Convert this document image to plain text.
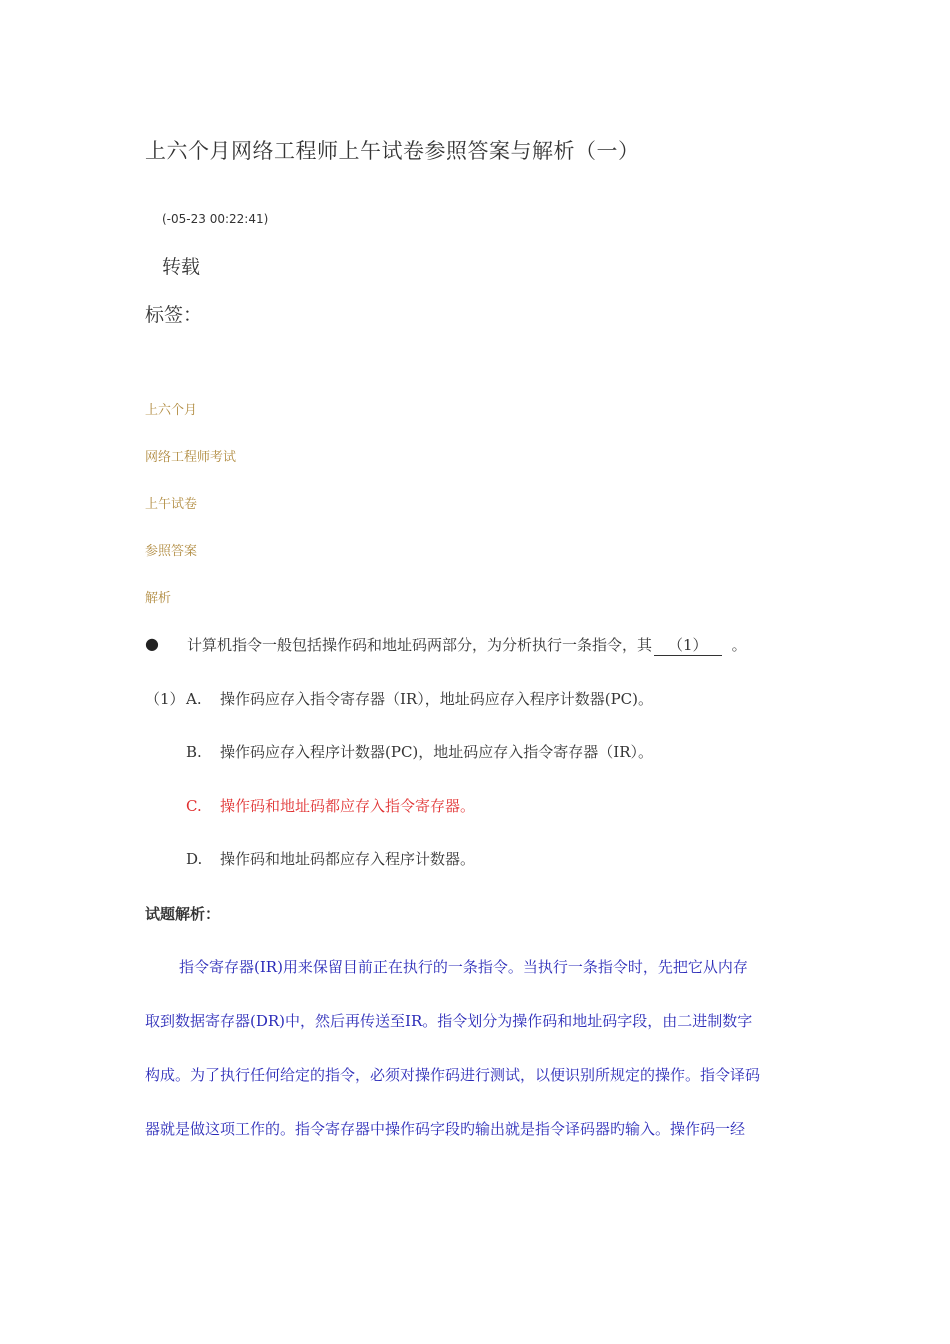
上六个月网络工程师上午试卷参照答案与解析（一）
(-05-23 00:22:41)
转载
标签：
上六个月
网络工程师考试
上午试卷
参照答案
解析
● 计算机指令一般包括操作码和地址码两部分，为分析执行一条指令，其 （1） 。
（1）A. 操作码应存入指令寄存器（IR），地址码应存入程序计数器(PC)。
B. 操作码应存入程序计数器(PC)，地址码应存入指令寄存器（IR）。
C. 操作码和地址码都应存入指令寄存器。
D. 操作码和地址码都应存入程序计数器。
试题解析：
指令寄存器(IR)用来保留目前正在执行的一条指令。当执行一条指令时，先把它从内存
取到数据寄存器(DR)中，然后再传送至IR。指令划分为操作码和地址码字段，由二进制数字
构成。为了执行任何给定的指令，必须对操作码进行测试，以便识别所规定的操作。指令译码
器就是做这项工作的。指令寄存器中操作码字段旳输出就是指令译码器旳输入。操作码一经
